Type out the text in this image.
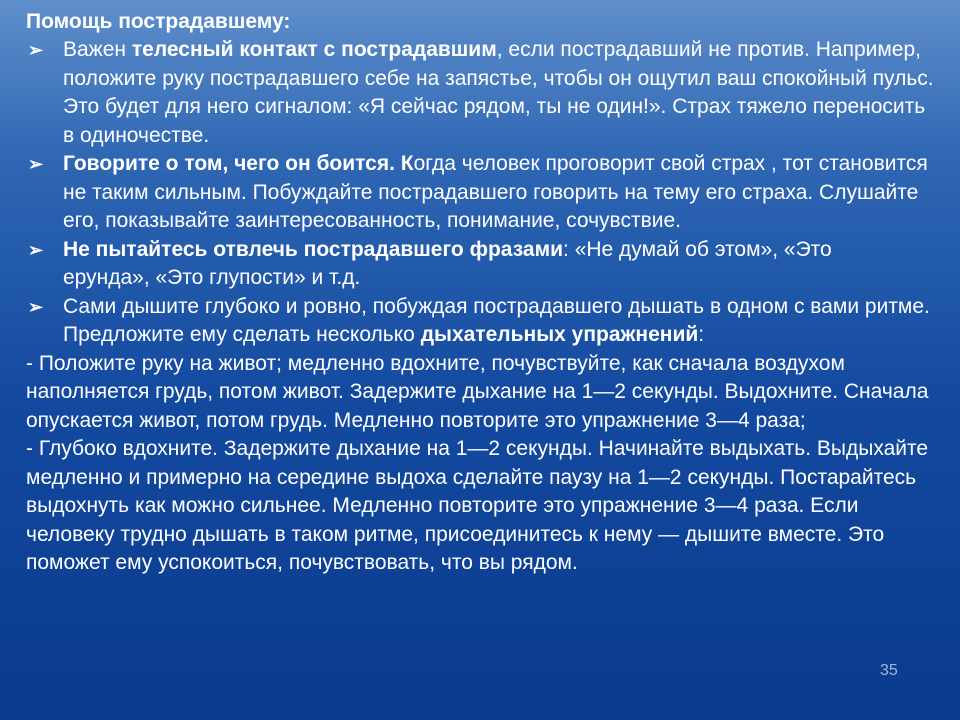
Помощь пострадавшему:

➢ Важен телесный контакт с пострадавшим, если пострадавший не против. Например, положите руку пострадавшего себе на запястье, чтобы он ощутил ваш спокойный пульс. Это будет для него сигналом: «Я сейчас рядом, ты не один!». Страх тяжело переносить в одиночестве.

➢ Говорите о том, чего он боится. Когда человек проговорит свой страх , тот становится не таким сильным. Побуждайте пострадавшего говорить на тему его страха. Слушайте его, показывайте заинтересованность, понимание, сочувствие.

➢ Не пытайтесь отвлечь пострадавшего фразами: «Не думай об этом», «Это ерунда», «Это глупости» и т.д.

➢ Сами дышите глубоко и ровно, побуждая пострадавшего дышать в одном с вами ритме. Предложите ему сделать несколько дыхательных упражнений:

- Положите руку на живот; медленно вдохните, почувствуйте, как сначала воздухом наполняется грудь, потом живот. Задержите дыхание на 1—2 секунды. Выдохните. Сначала опускается живот, потом грудь. Медленно повторите это упражнение 3—4 раза;

- Глубоко вдохните. Задержите дыхание на 1—2 секунды. Начинайте выдыхать. Выдыхайте медленно и примерно на середине выдоха сделайте паузу на 1—2 секунды. Постарайтесь выдохнуть как можно сильнее. Медленно повторите это упражнение 3—4 раза. Если человеку трудно дышать в таком ритме, присоединитесь к нему — дышите вместе. Это поможет ему успокоиться, почувствовать, что вы рядом.

35
